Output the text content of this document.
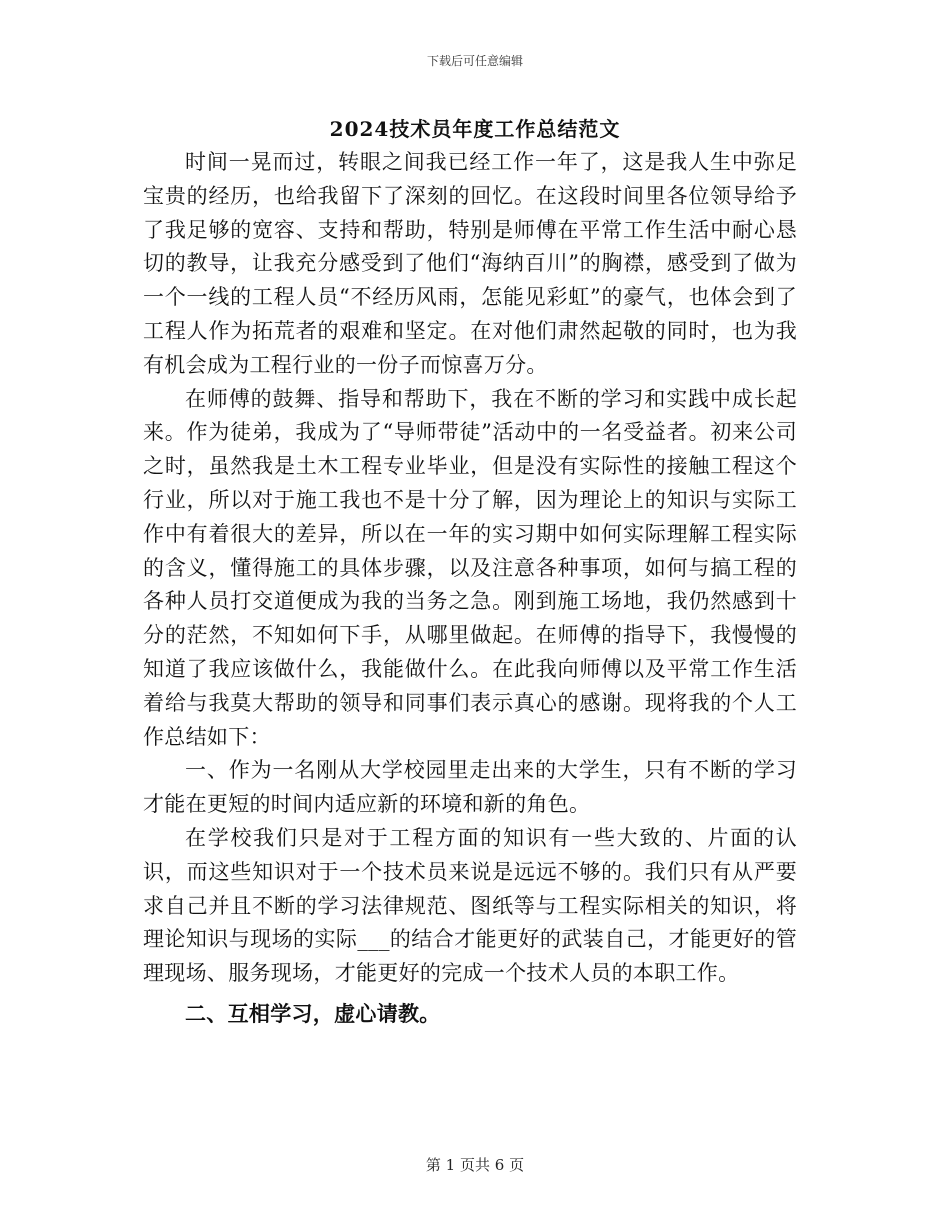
下载后可任意编辑
2024技术员年度工作总结范文

时间一晃而过，转眼之间我已经工作一年了，这是我人生中弥足宝贵的经历，也给我留下了深刻的回忆。在这段时间里各位领导给予了我足够的宽容、支持和帮助，特别是师傅在平常工作生活中耐心恳切的教导，让我充分感受到了他们“海纳百川”的胸襟，感受到了做为一个一线的工程人员“不经历风雨，怎能见彩虹”的豪气，也体会到了工程人作为拓荒者的艰难和坚定。在对他们肃然起敬的同时，也为我有机会成为工程行业的一份子而惊喜万分。

在师傅的鼓舞、指导和帮助下，我在不断的学习和实践中成长起来。作为徒弟，我成为了“导师带徒”活动中的一名受益者。初来公司之时，虽然我是土木工程专业毕业，但是没有实际性的接触工程这个行业，所以对于施工我也不是十分了解，因为理论上的知识与实际工作中有着很大的差异，所以在一年的实习期中如何实际理解工程实际的含义，懂得施工的具体步骤，以及注意各种事项，如何与搞工程的各种人员打交道便成为我的当务之急。刚到施工场地，我仍然感到十分的茫然，不知如何下手，从哪里做起。在师傅的指导下，我慢慢的知道了我应该做什么，我能做什么。在此我向师傅以及平常工作生活着给与我莫大帮助的领导和同事们表示真心的感谢。现将我的个人工作总结如下：

一、作为一名刚从大学校园里走出来的大学生，只有不断的学习才能在更短的时间内适应新的环境和新的角色。

在学校我们只是对于工程方面的知识有一些大致的、片面的认识，而这些知识对于一个技术员来说是远远不够的。我们只有从严要求自己并且不断的学习法律规范、图纸等与工程实际相关的知识，将理论知识与现场的实际___的结合才能更好的武装自己，才能更好的管理现场、服务现场，才能更好的完成一个技术人员的本职工作。

二、互相学习，虚心请教。

第 1 页共 6 页
